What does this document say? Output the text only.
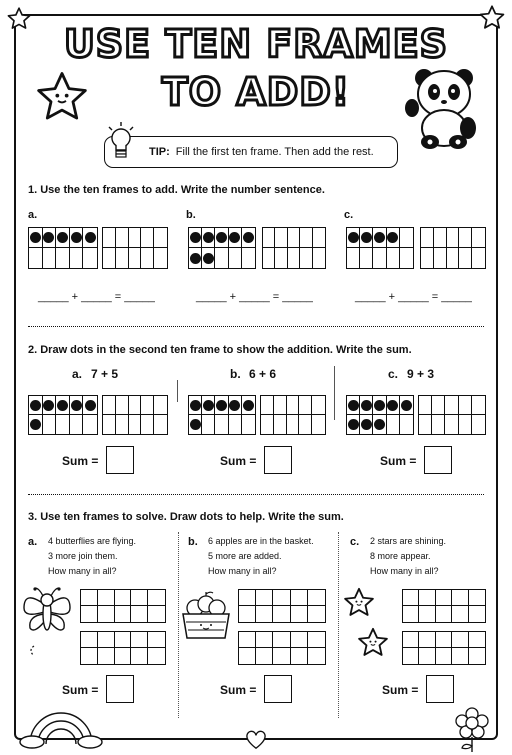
USE TEN FRAMES
TO ADD!
TIP: Fill the first ten frame. Then add the rest.
1. Use the ten frames to add. Write the number sentence.
a.	b.	c.
_____ + _____ = _____	_____ + _____ = _____	_____ + _____ = _____
2. Draw dots in the second ten frame to show the addition. Write the sum.
a. 7 + 5	b. 6 + 6	c. 9 + 3
Sum =	Sum =	Sum =
3. Use ten frames to solve. Draw dots to help. Write the sum.
a. 4 butterflies are flying.
3 more join them.
How many in all?
b. 6 apples are in the basket.
5 more are added.
How many in all?
c. 2 stars are shining.
8 more appear.
How many in all?
Sum =	Sum =	Sum =
